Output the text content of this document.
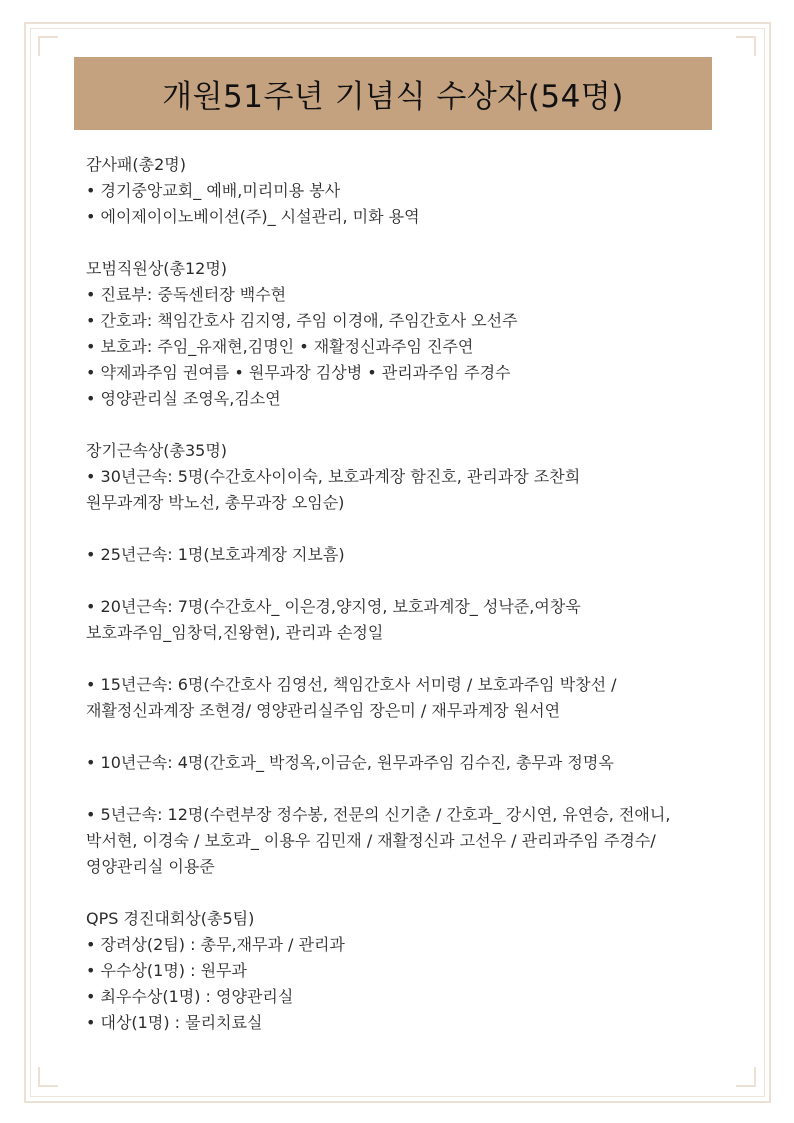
개원51주년 기념식 수상자(54명)
감사패(총2명)
• 경기중앙교회_ 예배,미리미용 봉사
• 에이제이이노베이션(주)_ 시설관리, 미화 용역
모범직원상(총12명)
• 진료부: 중독센터장 백수현
• 간호과: 책임간호사 김지영, 주임 이경애, 주임간호사 오선주
• 보호과: 주임_유재현,김명인 • 재활정신과주임 진주연
• 약제과주임 권여름 • 원무과장 김상병 • 관리과주임 주경수
• 영양관리실 조영옥,김소연
장기근속상(총35명)
• 30년근속: 5명(수간호사이이숙, 보호과계장 함진호, 관리과장 조찬희
원무과계장 박노선, 총무과장 오임순)
• 25년근속: 1명(보호과계장 지보흠)
• 20년근속: 7명(수간호사_ 이은경,양지영, 보호과계장_ 성낙준,여창욱
보호과주임_임창덕,진왕현), 관리과 손정일
• 15년근속: 6명(수간호사 김영선, 책임간호사 서미령 / 보호과주임 박창선 /
재활정신과계장 조현경/ 영양관리실주임 장은미 / 재무과계장 원서연
• 10년근속: 4명(간호과_ 박정옥,이금순, 원무과주임 김수진, 총무과 정명옥
• 5년근속: 12명(수련부장 정수봉, 전문의 신기춘 / 간호과_ 강시연, 유연승, 전애니,
박서현, 이경숙 / 보호과_ 이용우 김민재 / 재활정신과 고선우 / 관리과주임 주경수/
영양관리실 이용준
QPS 경진대회상(총5팀)
• 장려상(2팀) : 총무,재무과 / 관리과
• 우수상(1명) : 원무과
• 최우수상(1명) : 영양관리실
• 대상(1명) : 물리치료실
